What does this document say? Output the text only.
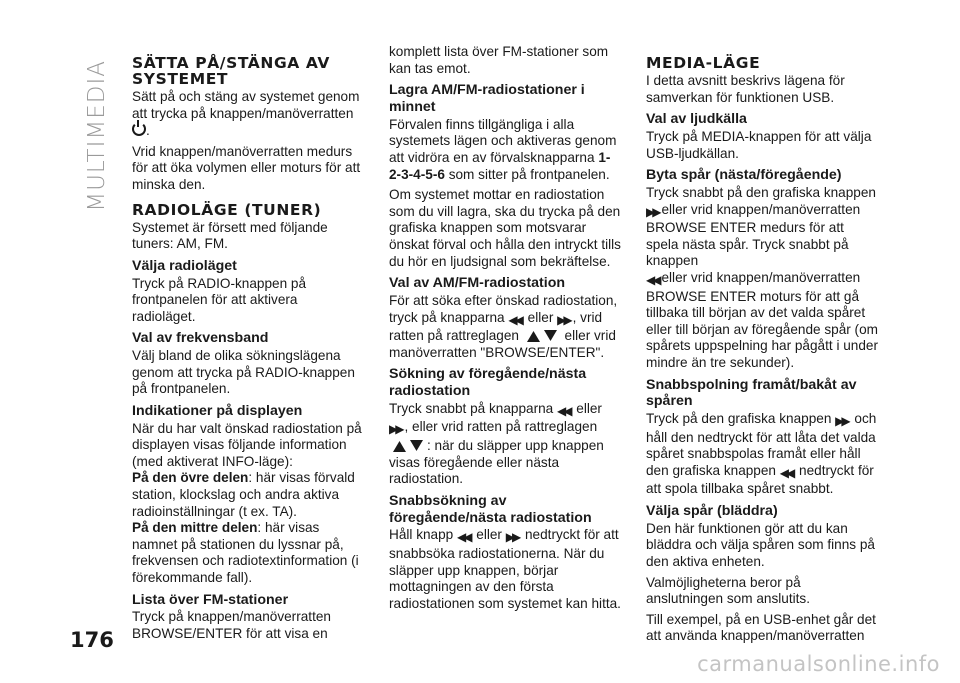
MULTIMEDIA SÄTTA PÅ/STÄNGA AV SYSTEMET

Sätt på och stäng av systemet genom att trycka på knappen/manöverratten
.

Vrid knappen/manöverratten medurs för att öka volymen eller moturs för att minska den.

RADIOLÄGE (TUNER)

Systemet är försett med följande tuners: AM, FM.

Välja radioläget

Tryck på RADIO-knappen på frontpanelen för att aktivera radioläget.

Val av frekvensband

Välj bland de olika sökningslägena genom att trycka på RADIO-knappen på frontpanelen.

Indikationer på displayen

När du har valt önskad radiostation på displayen visas följande information (med aktiverat INFO-läge):

På den övre delen: här visas förvald station, klockslag och andra aktiva radioinställningar (t ex. TA).

På den mittre delen: här visas namnet på stationen du lyssnar på, frekvensen och radiotextinformation (i förekommande fall).

Lista över FM-stationer

Tryck på knappen/manöverratten BROWSE/ENTER för att visa en

komplett lista över FM-stationer som kan tas emot.

Lagra AM/FM-radiostationer i minnet

Förvalen finns tillgängliga i alla systemets lägen och aktiveras genom att vidröra en av förvalsknapparna 1-2-3-4-5-6 som sitter på frontpanelen.

Om systemet mottar en radiostation som du vill lagra, ska du trycka på den grafiska knappen som motsvarar önskat förval och hålla den intryckt tills du hör en ljudsignal som bekräftelse.

Val av AM/FM-radiostation

För att söka efter önskad radiostation, tryck på knapparna ◀◀ eller ▶▶ , vrid ratten på rattreglagen	eller vrid manöverratten "BROWSE/ENTER".

Sökning av föregående/nästa radiostation

Tryck snabbt på knapparna ◀◀ eller
▶▶ , eller vrid ratten på rattreglagen
: när du släpper upp knappen visas föregående eller nästa radiostation.

Snabbsökning av föregående/nästa radiostation

Håll knapp ◀◀ eller ▶▶ nedtryckt för att snabbsöka radiostationerna. När du släpper upp knappen, börjar mottagningen av den första radiostationen som systemet kan hitta.

MEDIA-LÄGE

I detta avsnitt beskrivs lägena för samverkan för funktionen USB.

Val av ljudkälla

Tryck på MEDIA-knappen för att välja USB-ljudkällan.

Byta spår (nästa/föregående)

Tryck snabbt på den grafiska knappen
▶▶ eller vrid knappen/manöverratten BROWSE ENTER medurs för att spela nästa spår. Tryck snabbt på knappen
◀◀ eller vrid knappen/manöverratten BROWSE ENTER moturs för att gå tillbaka till början av det valda spåret eller till början av föregående spår (om spårets uppspelning har pågått i under mindre än tre sekunder).

Snabbspolning framåt/bakåt av spåren

Tryck på den grafiska knappen ▶▶ och håll den nedtryckt för att låta det valda spåret snabbspolas framåt eller håll den grafiska knappen ◀◀ nedtryckt för att spola tillbaka spåret snabbt.

Välja spår (bläddra)

Den här funktionen gör att du kan bläddra och välja spåren som finns på den aktiva enheten.

Valmöjligheterna beror på anslutningen som anslutits.

Till exempel, på en USB-enhet går det att använda knappen/manöverratten

176
carmanualsonline.info
